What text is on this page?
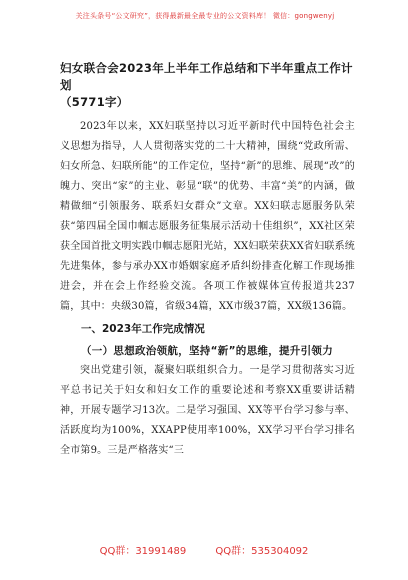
关注头条号“公文研究”，获得最新最全最专业的公文资料库！ 微信：gongwenyj
妇女联合会2023年上半年工作总结和下半年重点工作计划
（5771字）

2023年以来，XX妇联坚持以习近平新时代中国特色社会主义思想为指导，人人贯彻落实党的二十大精神，围绕“党政所需、妇女所急、妇联所能”的工作定位，坚持“新”的思维、展现“改”的魄力、突出“家”的主业、彰显“联”的优势、丰富“美”的内涵，做精做细“引领服务、联系妇女群众”文章。XX妇联志愿服务队荣获“第四届全国巾帼志愿服务征集展示活动十佳组织”，XX社区荣获全国首批文明实践巾帼志愿阳光站，XX妇联荣获XX省妇联系统先进集体，参与承办XX市婚姻家庭矛盾纠纷排查化解工作现场推进会，并在会上作经验交流。各项工作被媒体宣传报道共237篇，其中：央级30篇，省级34篇，XX市级37篇，XX级136篇。

一、2023年工作完成情况
（一）思想政治领航，坚持“新”的思维，提升引领力

突出党建引领，凝聚妇联组织合力。一是学习贯彻落实习近平总书记关于妇女和妇女工作的重要论述和考察XX重要讲话精神，开展专题学习13次。二是学习强国、XX等平台学习参与率、活跃度均为100%，XXAPP使用率100%，XX学习平台学习排名全市第9。三是严格落实“三

QQ群：31991489	QQ群：535304092
